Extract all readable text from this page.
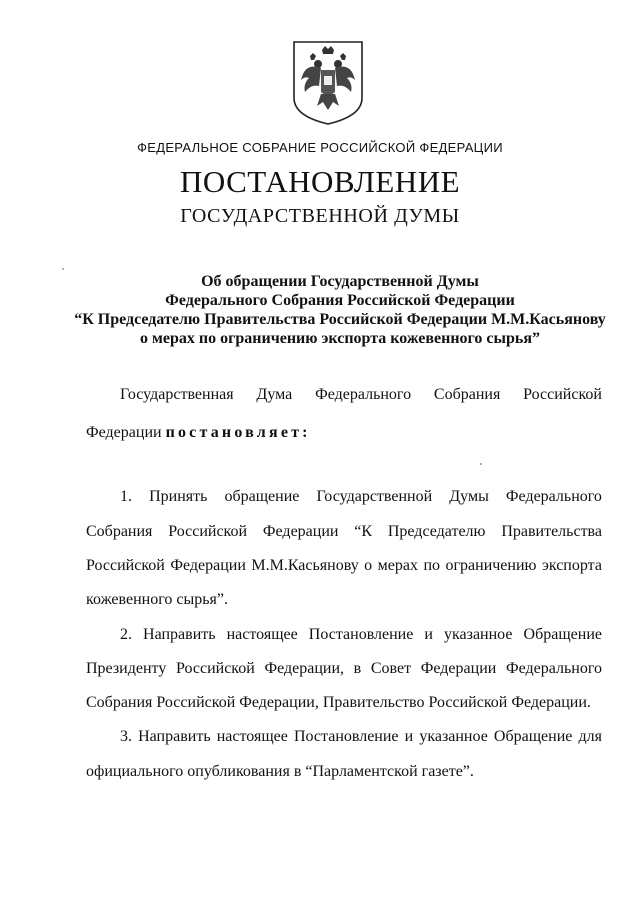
ФЕДЕРАЛЬНОЕ СОБРАНИЕ РОССИЙСКОЙ ФЕДЕРАЦИИ
ПОСТАНОВЛЕНИЕ
ГОСУДАРСТВЕННОЙ ДУМЫ
Об обращении Государственной Думы
Федерального Собрания Российской Федерации
“К Председателю Правительства Российской Федерации М.М.Касьянову
о мерах по ограничению экспорта кожевенного сырья”
Государственная Дума Федерального Собрания Российской
Федерации постановляет:
1. Принять обращение Государственной Думы Федерального
Собрания Российской Федерации “К Председателю Правительства
Российской Федерации М.М.Касьянову о мерах по ограничению экспорта
кожевенного сырья”.
2. Направить настоящее Постановление и указанное Обращение
Президенту Российской Федерации, в Совет Федерации Федерального
Собрания Российской Федерации, Правительство Российской Федерации.
3. Направить настоящее Постановление и указанное Обращение для
официального опубликования в “Парламентской газете”.
